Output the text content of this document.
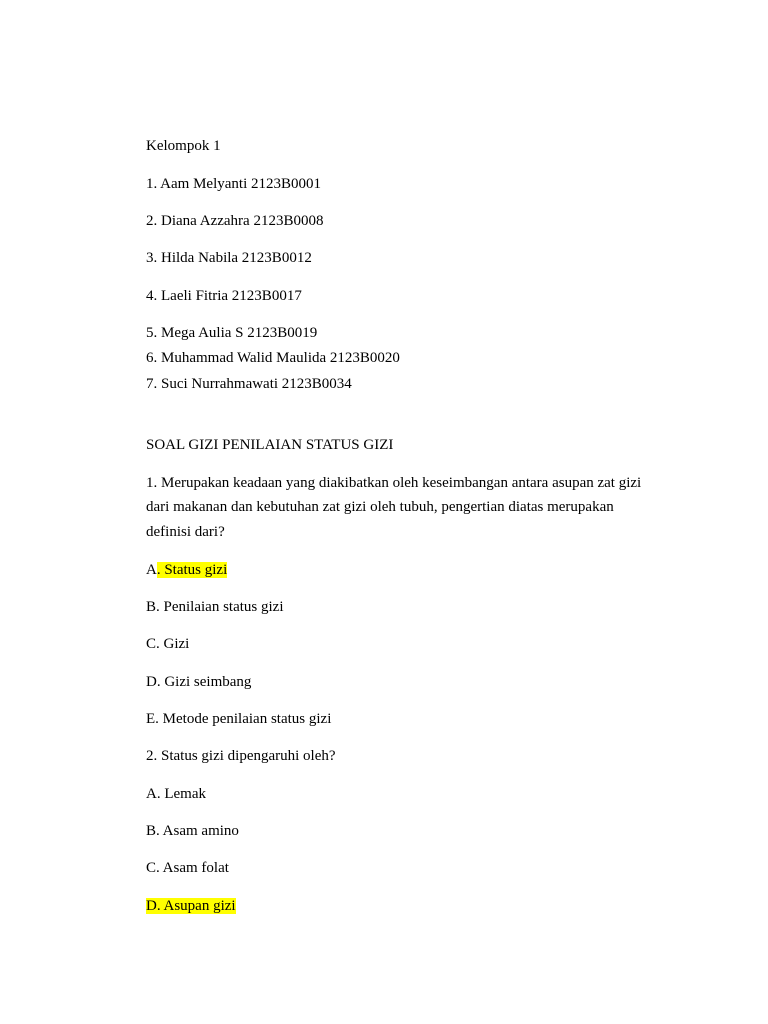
Kelompok 1

1. Aam Melyanti 2123B0001

2. Diana Azzahra 2123B0008

3. Hilda Nabila 2123B0012

4. Laeli Fitria 2123B0017

5. Mega Aulia S 2123B0019

6. Muhammad Walid Maulida 2123B0020

7. Suci Nurrahmawati 2123B0034

SOAL GIZI PENILAIAN STATUS GIZI

1. Merupakan keadaan yang diakibatkan oleh keseimbangan antara asupan zat gizi

dari makanan dan kebutuhan zat gizi oleh tubuh, pengertian diatas merupakan

definisi dari?

A. Status gizi

B. Penilaian status gizi

C. Gizi

D. Gizi seimbang

E. Metode penilaian status gizi

2. Status gizi dipengaruhi oleh?

A. Lemak

B. Asam amino

C. Asam folat

D. Asupan gizi
